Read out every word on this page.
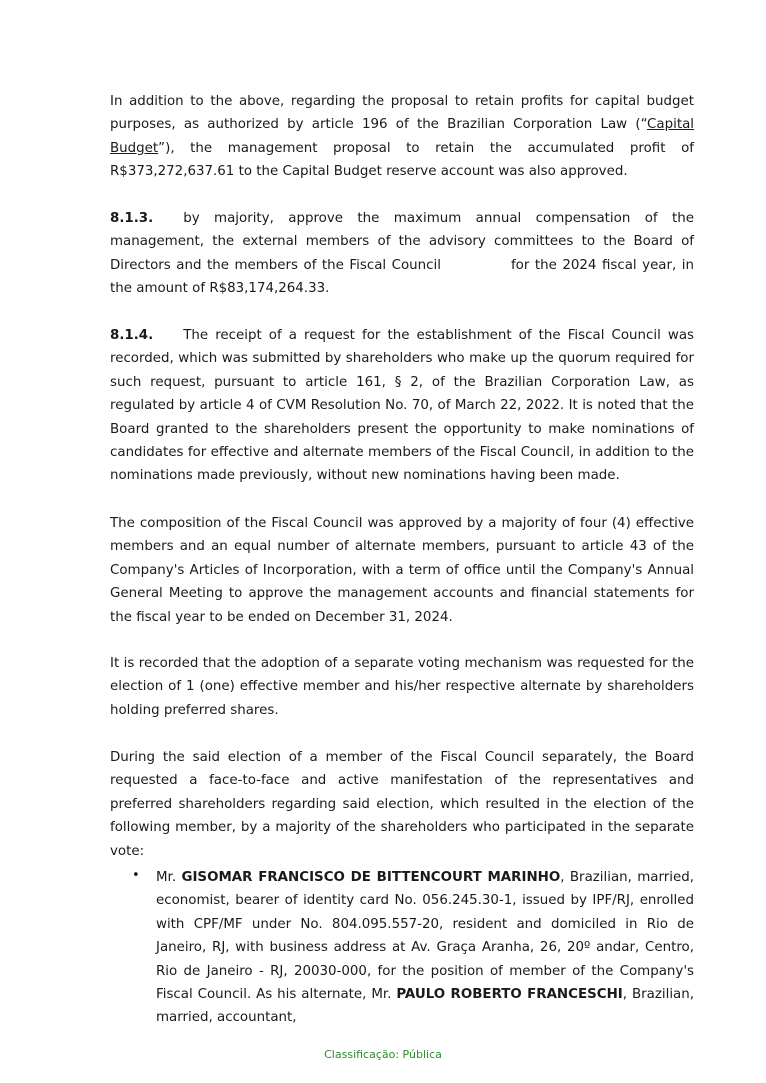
In addition to the above, regarding the proposal to retain profits for capital budget purposes, as authorized by article 196 of the Brazilian Corporation Law (“Capital Budget”), the management proposal to retain the accumulated profit of R$373,272,637.61 to the Capital Budget reserve account was also approved.

8.1.3. by majority, approve the maximum annual compensation of the management, the external members of the advisory committees to the Board of Directors and the members of the Fiscal Council	for the 2024 fiscal year, in the amount of R$83,174,264.33.

8.1.4. The receipt of a request for the establishment of the Fiscal Council was recorded, which was submitted by shareholders who make up the quorum required for such request, pursuant to article 161, § 2, of the Brazilian Corporation Law, as regulated by article 4 of CVM Resolution No. 70, of March 22, 2022. It is noted that the Board granted to the shareholders present the opportunity to make nominations of candidates for effective and alternate members of the Fiscal Council, in addition to the nominations made previously, without new nominations having been made.

The composition of the Fiscal Council was approved by a majority of four (4) effective members and an equal number of alternate members, pursuant to article 43 of the Company's Articles of Incorporation, with a term of office until the Company's Annual General Meeting to approve the management accounts and financial statements for the fiscal year to be ended on December 31, 2024.

It is recorded that the adoption of a separate voting mechanism was requested for the election of 1 (one) effective member and his/her respective alternate by shareholders holding preferred shares.

During the said election of a member of the Fiscal Council separately, the Board requested a face-to-face and active manifestation of the representatives and preferred shareholders regarding said election, which resulted in the election of the following member, by a majority of the shareholders who participated in the separate vote:

• Mr. GISOMAR FRANCISCO DE BITTENCOURT MARINHO, Brazilian, married, economist, bearer of identity card No. 056.245.30-1, issued by IPF/RJ, enrolled with CPF/MF under No. 804.095.557-20, resident and domiciled in Rio de Janeiro, RJ, with business address at Av. Graça Aranha, 26, 20º andar, Centro, Rio de Janeiro - RJ, 20030-000, for the position of member of the Company's Fiscal Council. As his alternate, Mr. PAULO ROBERTO FRANCESCHI, Brazilian, married, accountant,

Classificação: Pública
